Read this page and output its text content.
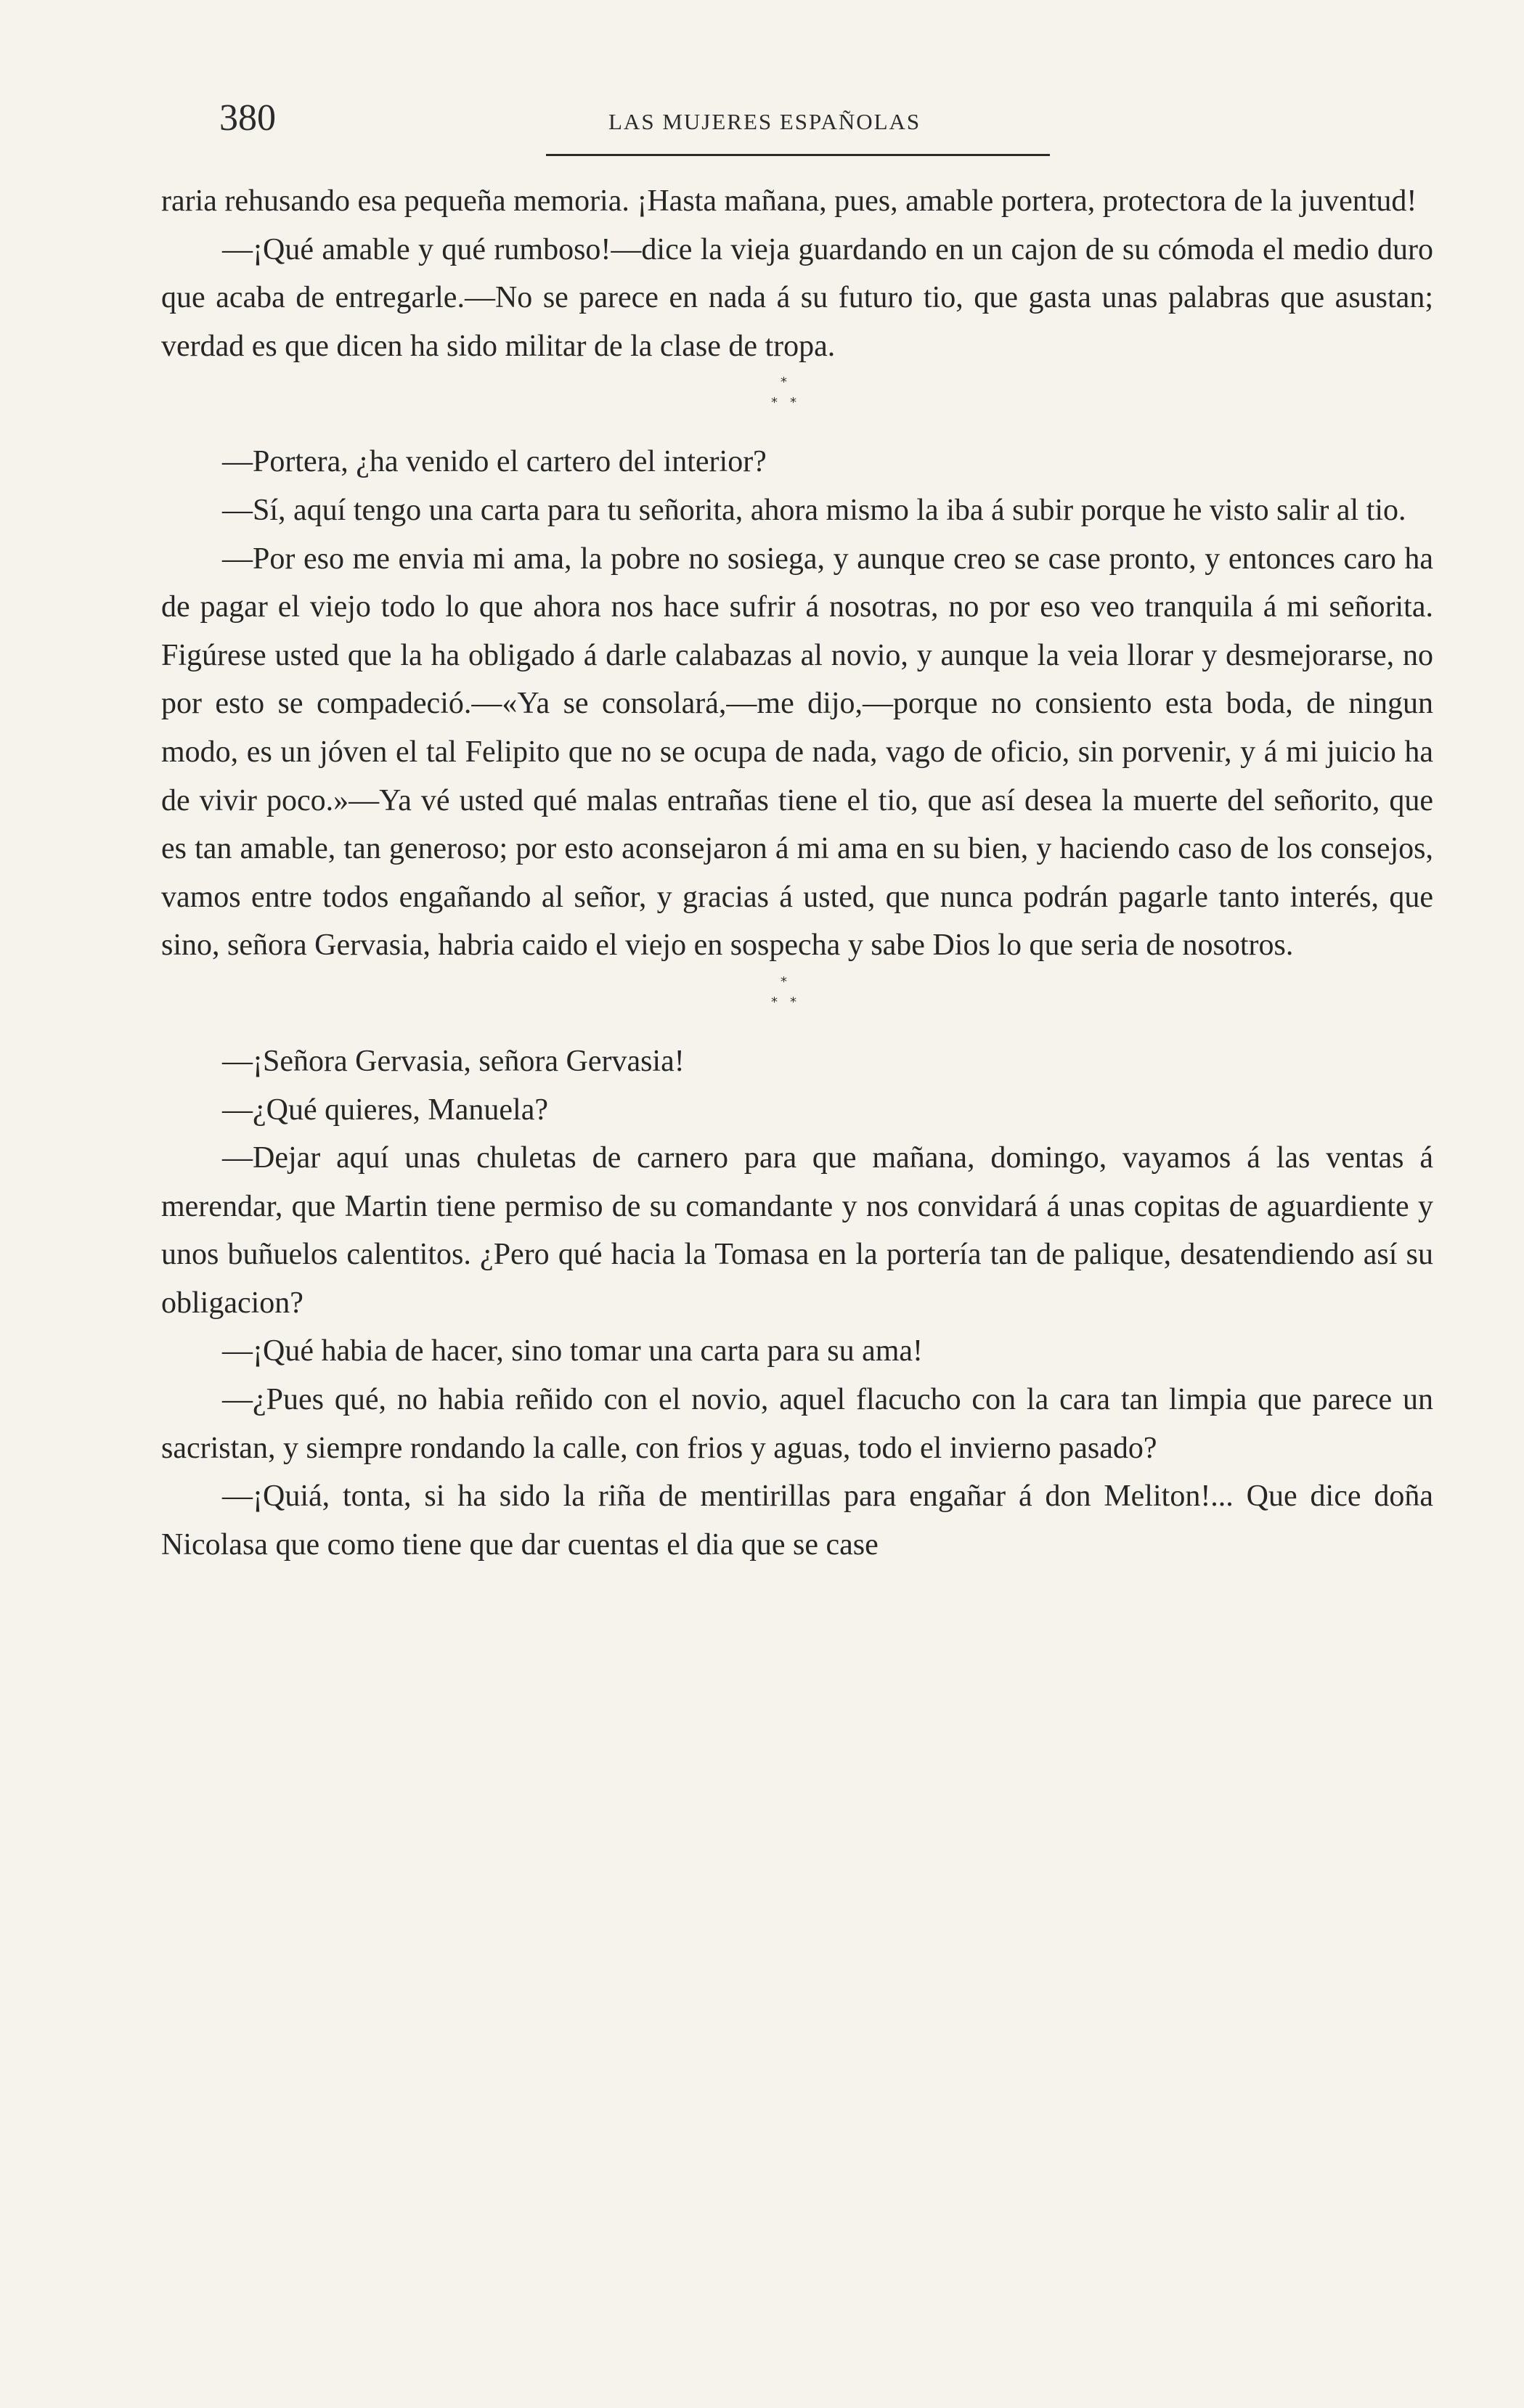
380	LAS MUJERES ESPAÑOLAS

raria rehusando esa pequeña memoria. ¡Hasta mañana, pues, amable portera, protectora de la juventud!

—¡Qué amable y qué rumboso!—dice la vieja guardando en un cajon de su cómoda el medio duro que acaba de entregarle.—No se parece en nada á su futuro tio, que gasta unas palabras que asustan; verdad es que dicen ha sido militar de la clase de tropa.

*
* *

—Portera, ¿ha venido el cartero del interior?

—Sí, aquí tengo una carta para tu señorita, ahora mismo la iba á subir porque he visto salir al tio.

—Por eso me envia mi ama, la pobre no sosiega, y aunque creo se case pronto, y entonces caro ha de pagar el viejo todo lo que ahora nos hace sufrir á nosotras, no por eso veo tranquila á mi señorita. Figúrese usted que la ha obligado á darle calabazas al novio, y aunque la veia llorar y desmejorarse, no por esto se compadeció.—«Ya se consolará,—me dijo,—porque no consiento esta boda, de ningun modo, es un jóven el tal Felipito que no se ocupa de nada, vago de oficio, sin porvenir, y á mi juicio ha de vivir poco.»—Ya vé usted qué malas entrañas tiene el tio, que así desea la muerte del señorito, que es tan amable, tan generoso; por esto aconsejaron á mi ama en su bien, y haciendo caso de los consejos, vamos entre todos engañando al señor, y gracias á usted, que nunca podrán pagarle tanto interés, que sino, señora Gervasia, habria caido el viejo en sospecha y sabe Dios lo que seria de nosotros.

*
* *

—¡Señora Gervasia, señora Gervasia!

—¿Qué quieres, Manuela?

—Dejar aquí unas chuletas de carnero para que mañana, domingo, vayamos á las ventas á merendar, que Martin tiene permiso de su comandante y nos convidará á unas copitas de aguardiente y unos buñuelos calentitos. ¿Pero qué hacia la Tomasa en la portería tan de palique, desatendiendo así su obligacion?

—¡Qué habia de hacer, sino tomar una carta para su ama!

—¿Pues qué, no habia reñido con el novio, aquel flacucho con la cara tan limpia que parece un sacristan, y siempre rondando la calle, con frios y aguas, todo el invierno pasado?

—¡Quiá, tonta, si ha sido la riña de mentirillas para engañar á don Meliton!... Que dice doña Nicolasa que como tiene que dar cuentas el dia que se case
